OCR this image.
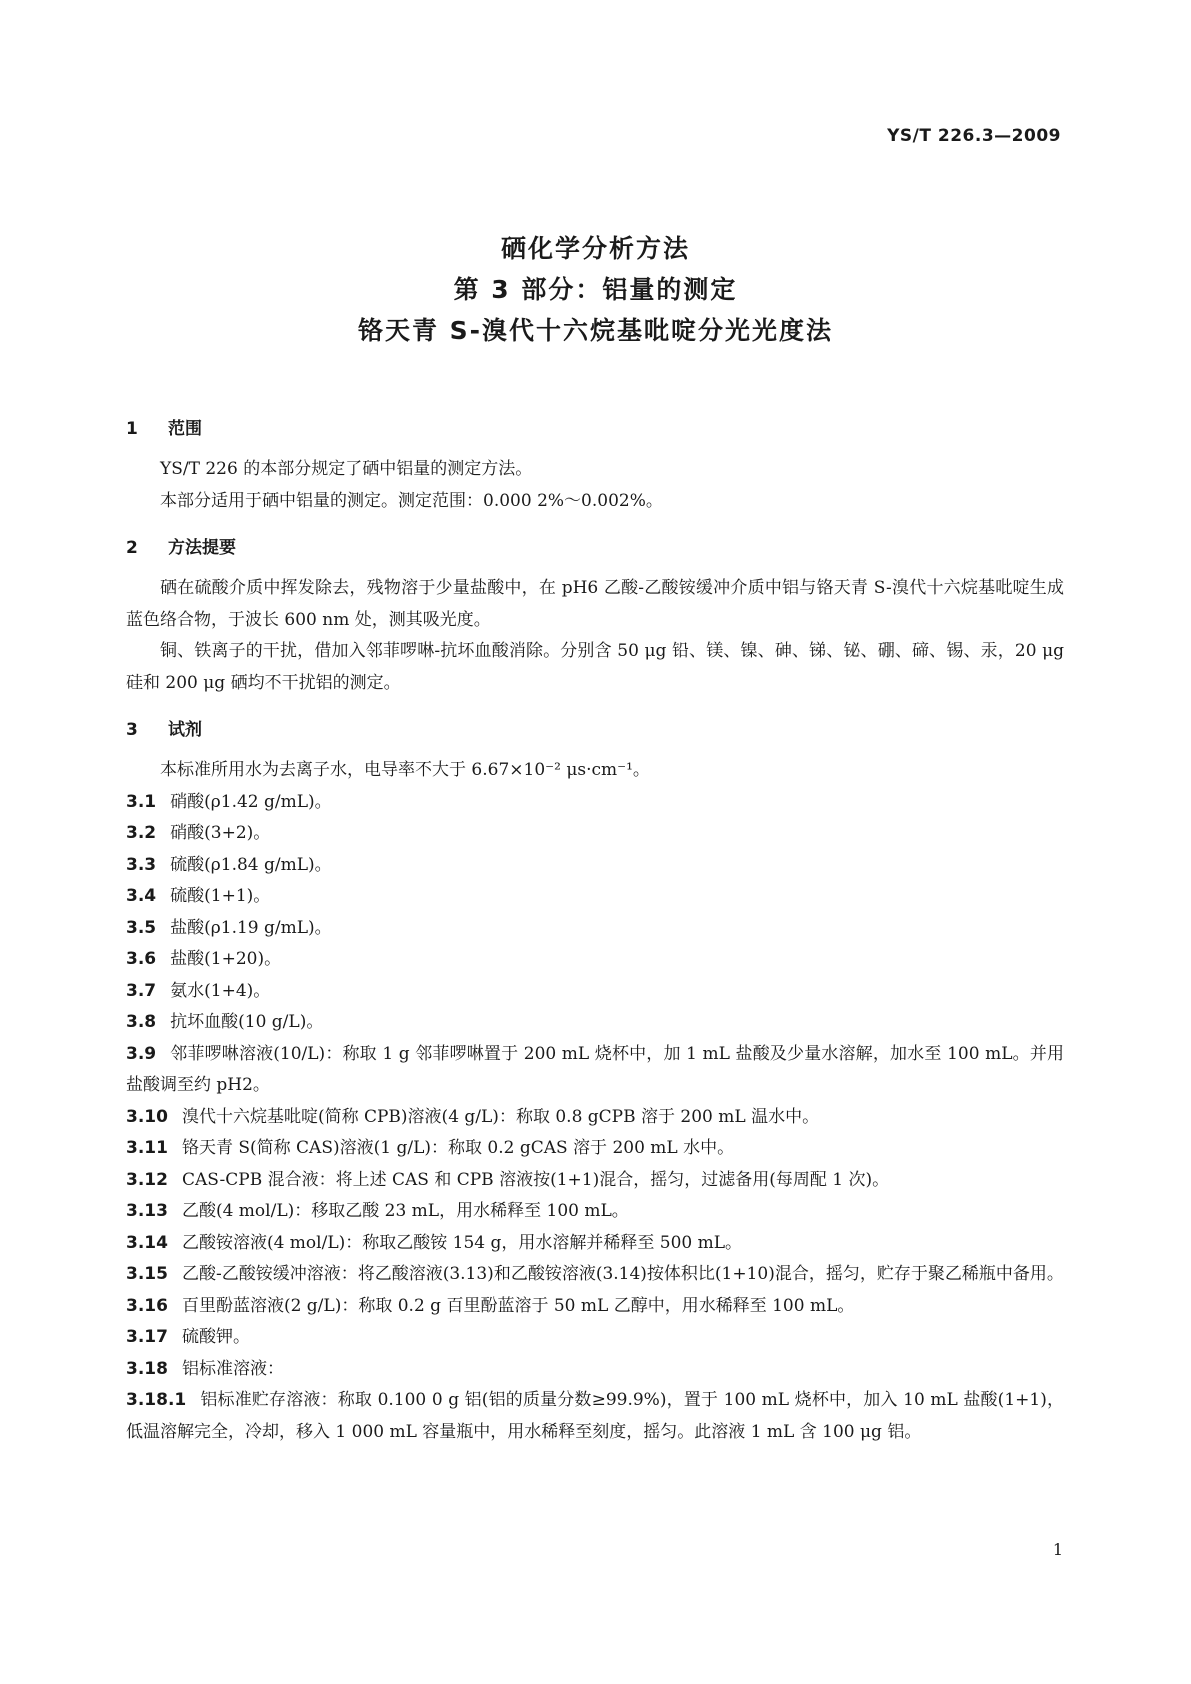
YS/T 226.3—2009
硒化学分析方法
第 3 部分：铝量的测定
铬天青 S-溴代十六烷基吡啶分光光度法
1 范围
YS/T 226 的本部分规定了硒中铝量的测定方法。
本部分适用于硒中铝量的测定。测定范围：0.000 2%～0.002%。
2 方法提要
硒在硫酸介质中挥发除去，残物溶于少量盐酸中，在 pH6 乙酸-乙酸铵缓冲介质中铝与铬天青 S-溴代十六烷基吡啶生成蓝色络合物，于波长 600 nm 处，测其吸光度。
铜、铁离子的干扰，借加入邻菲啰啉-抗坏血酸消除。分别含 50 μg 铅、镁、镍、砷、锑、铋、硼、碲、锡、汞，20 μg 硅和 200 μg 硒均不干扰铝的测定。
3 试剂
本标准所用水为去离子水，电导率不大于 6.67×10⁻² μs·cm⁻¹。
3.1 硝酸(ρ1.42 g/mL)。
3.2 硝酸(3+2)。
3.3 硫酸(ρ1.84 g/mL)。
3.4 硫酸(1+1)。
3.5 盐酸(ρ1.19 g/mL)。
3.6 盐酸(1+20)。
3.7 氨水(1+4)。
3.8 抗坏血酸(10 g/L)。
3.9 邻菲啰啉溶液(10/L)：称取 1 g 邻菲啰啉置于 200 mL 烧杯中，加 1 mL 盐酸及少量水溶解，加水至 100 mL。并用盐酸调至约 pH2。
3.10 溴代十六烷基吡啶(简称 CPB)溶液(4 g/L)：称取 0.8 gCPB 溶于 200 mL 温水中。
3.11 铬天青 S(简称 CAS)溶液(1 g/L)：称取 0.2 gCAS 溶于 200 mL 水中。
3.12 CAS-CPB 混合液：将上述 CAS 和 CPB 溶液按(1+1)混合，摇匀，过滤备用(每周配 1 次)。
3.13 乙酸(4 mol/L)：移取乙酸 23 mL，用水稀释至 100 mL。
3.14 乙酸铵溶液(4 mol/L)：称取乙酸铵 154 g，用水溶解并稀释至 500 mL。
3.15 乙酸-乙酸铵缓冲溶液：将乙酸溶液(3.13)和乙酸铵溶液(3.14)按体积比(1+10)混合，摇匀，贮存于聚乙稀瓶中备用。
3.16 百里酚蓝溶液(2 g/L)：称取 0.2 g 百里酚蓝溶于 50 mL 乙醇中，用水稀释至 100 mL。
3.17 硫酸钾。
3.18 铝标准溶液：
3.18.1 铝标准贮存溶液：称取 0.100 0 g 铝(铝的质量分数≥99.9%)，置于 100 mL 烧杯中，加入 10 mL 盐酸(1+1)，低温溶解完全，冷却，移入 1 000 mL 容量瓶中，用水稀释至刻度，摇匀。此溶液 1 mL 含 100 μg 铝。
1
